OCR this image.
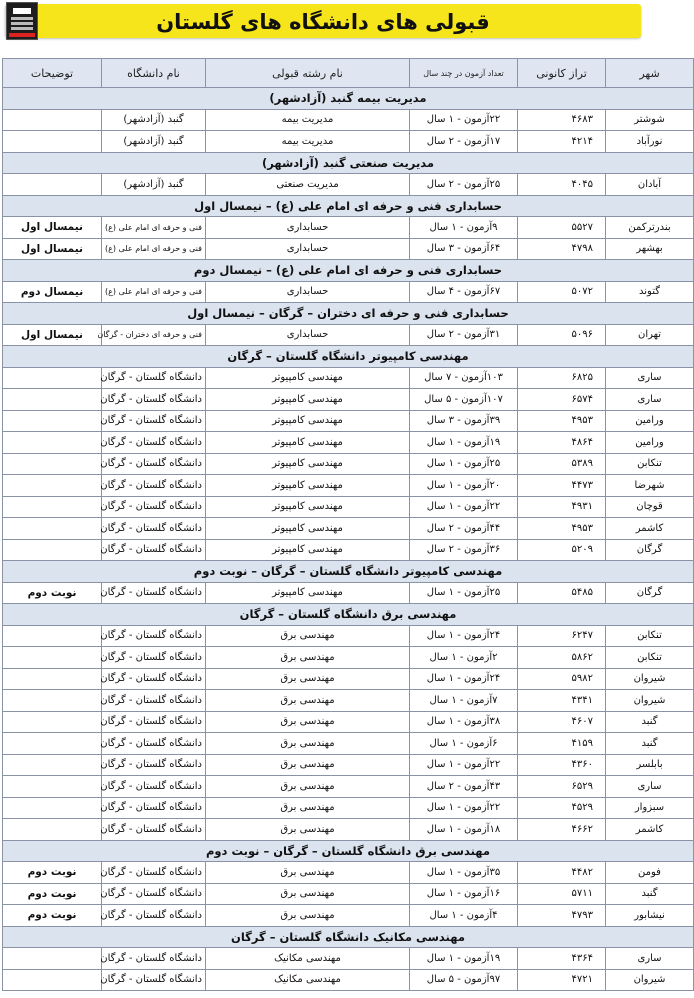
قبولی های دانشگاه های گلستان
شهر	تراز کانونی	تعداد آزمون در چند سال	نام رشته قبولی	نام دانشگاه	توضیحات
مدیریت بیمه گنبد (آزادشهر)					
شوشتر	۴۶۸۳	۲۲آزمون - ۱ سال	مدیریت بیمه	گنبد (آزادشهر)	
نورآباد	۴۲۱۴	۱۷آزمون - ۲ سال	مدیریت بیمه	گنبد (آزادشهر)	
مدیریت صنعتی گنبد (آزادشهر)					
آبادان	۴۰۴۵	۲۵آزمون - ۲ سال	مدیریت صنعتی	گنبد (آزادشهر)	
حسابداری فنی و حرفه ای امام علی (ع) – نیمسال اول					
بندرترکمن	۵۵۲۷	۹آزمون - ۱ سال	حسابداری	فنی و حرفه ای امام علی (ع)	نیمسال اول
بهشهر	۴۷۹۸	۶۴آزمون - ۳ سال	حسابداری	فنی و حرفه ای امام علی (ع)	نیمسال اول
حسابداری فنی و حرفه ای امام علی (ع) – نیمسال دوم					
گتوند	۵۰۷۲	۶۷آزمون - ۴ سال	حسابداری	فنی و حرفه ای امام علی (ع)	نیمسال دوم
حسابداری فنی و حرفه ای دختران – گرگان – نیمسال اول					
تهران	۵۰۹۶	۳۱آزمون - ۲ سال	حسابداری	فنی و حرفه ای دختران - گرگان	نیمسال اول
مهندسی کامپیوتر دانشگاه گلستان – گرگان					
ساری	۶۸۲۵	۱۰۳آزمون - ۷ سال	مهندسی کامپیوتر	دانشگاه گلستان - گرگان	
ساری	۶۵۷۴	۱۰۷آزمون - ۵ سال	مهندسی کامپیوتر	دانشگاه گلستان - گرگان	
ورامین	۴۹۵۳	۳۹آزمون - ۳ سال	مهندسی کامپیوتر	دانشگاه گلستان - گرگان	
ورامین	۴۸۶۴	۱۹آزمون - ۱ سال	مهندسی کامپیوتر	دانشگاه گلستان - گرگان	
تنکابن	۵۳۸۹	۲۵آزمون - ۱ سال	مهندسی کامپیوتر	دانشگاه گلستان - گرگان	
شهرضا	۴۴۷۳	۲۰آزمون - ۱ سال	مهندسی کامپیوتر	دانشگاه گلستان - گرگان	
قوچان	۴۹۳۱	۲۲آزمون - ۱ سال	مهندسی کامپیوتر	دانشگاه گلستان - گرگان	
کاشمر	۴۹۵۳	۴۴آزمون - ۲ سال	مهندسی کامپیوتر	دانشگاه گلستان - گرگان	
گرگان	۵۲۰۹	۳۶آزمون - ۲ سال	مهندسی کامپیوتر	دانشگاه گلستان - گرگان	
مهندسی کامپیوتر دانشگاه گلستان – گرگان – نوبت دوم					
گرگان	۵۴۸۵	۲۵آزمون - ۱ سال	مهندسی کامپیوتر	دانشگاه گلستان - گرگان	نوبت دوم
مهندسی برق دانشگاه گلستان – گرگان					
تنکابن	۶۲۴۷	۲۴آزمون - ۱ سال	مهندسی برق	دانشگاه گلستان - گرگان	
تنکابن	۵۸۶۲	۲آزمون - ۱ سال	مهندسی برق	دانشگاه گلستان - گرگان	
شیروان	۵۹۸۲	۲۴آزمون - ۱ سال	مهندسی برق	دانشگاه گلستان - گرگان	
شیروان	۴۳۴۱	۷آزمون - ۱ سال	مهندسی برق	دانشگاه گلستان - گرگان	
گنبد	۴۶۰۷	۳۸آزمون - ۱ سال	مهندسی برق	دانشگاه گلستان - گرگان	
گنبد	۴۱۵۹	۶آزمون - ۱ سال	مهندسی برق	دانشگاه گلستان - گرگان	
بابلسر	۴۳۶۰	۲۲آزمون - ۱ سال	مهندسی برق	دانشگاه گلستان - گرگان	
ساری	۶۵۲۹	۴۳آزمون - ۲ سال	مهندسی برق	دانشگاه گلستان - گرگان	
سبزوار	۴۵۲۹	۲۲آزمون - ۱ سال	مهندسی برق	دانشگاه گلستان - گرگان	
کاشمر	۴۶۶۲	۱۸آزمون - ۱ سال	مهندسی برق	دانشگاه گلستان - گرگان	
مهندسی برق دانشگاه گلستان – گرگان – نوبت دوم					
فومن	۴۴۸۲	۳۵آزمون - ۱ سال	مهندسی برق	دانشگاه گلستان - گرگان	نوبت دوم
گنبد	۵۷۱۱	۱۶آزمون - ۱ سال	مهندسی برق	دانشگاه گلستان - گرگان	نوبت دوم
نیشابور	۴۷۹۳	۴آزمون - ۱ سال	مهندسی برق	دانشگاه گلستان - گرگان	نوبت دوم
مهندسی مکانیک دانشگاه گلستان – گرگان					
ساری	۴۳۶۴	۱۹آزمون - ۱ سال	مهندسی مکانیک	دانشگاه گلستان - گرگان	
شیروان	۴۷۲۱	۹۷آزمون - ۵ سال	مهندسی مکانیک	دانشگاه گلستان - گرگان	
